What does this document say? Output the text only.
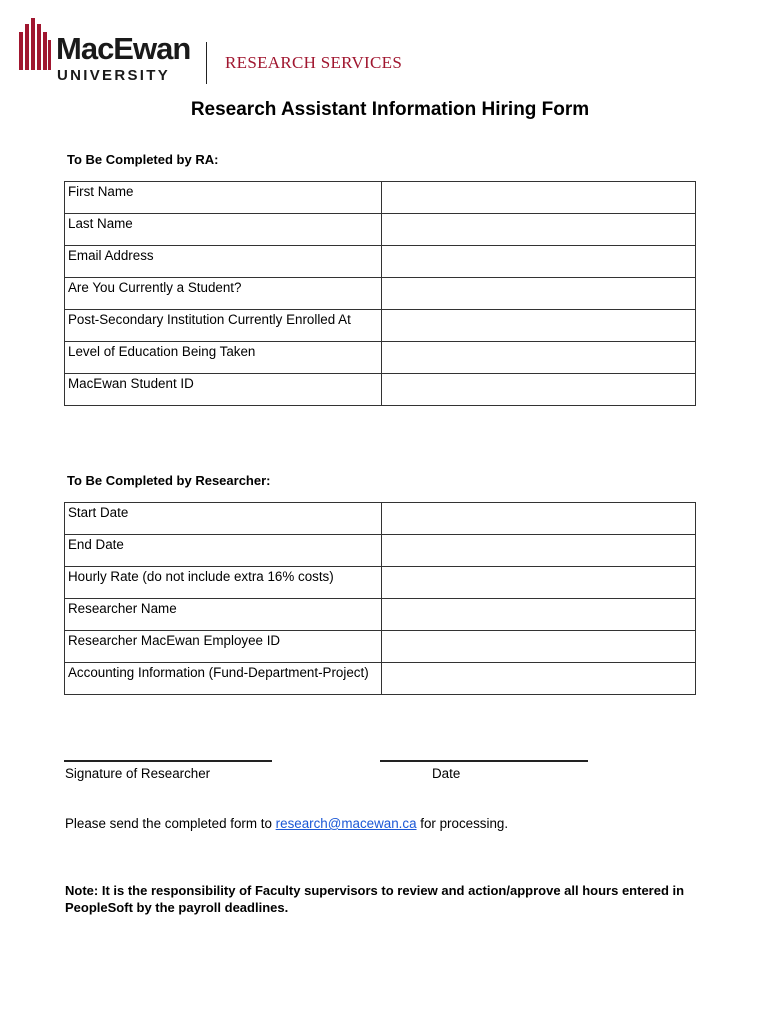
MacEwan
UNIVERSITY
RESEARCH SERVICES
Research Assistant Information Hiring Form
To Be Completed by RA:
First Name	
Last Name	
Email Address	
Are You Currently a Student?	
Post-Secondary Institution Currently Enrolled At	
Level of Education Being Taken	
MacEwan Student ID	
To Be Completed by Researcher:
Start Date	
End Date	
Hourly Rate (do not include extra 16% costs)	
Researcher Name	
Researcher MacEwan Employee ID	
Accounting Information (Fund-Department-Project)	
Signature of Researcher	Date
Please send the completed form to research@macewan.ca for processing.
Note: It is the responsibility of Faculty supervisors to review and action/approve all hours entered in PeopleSoft by the payroll deadlines.
